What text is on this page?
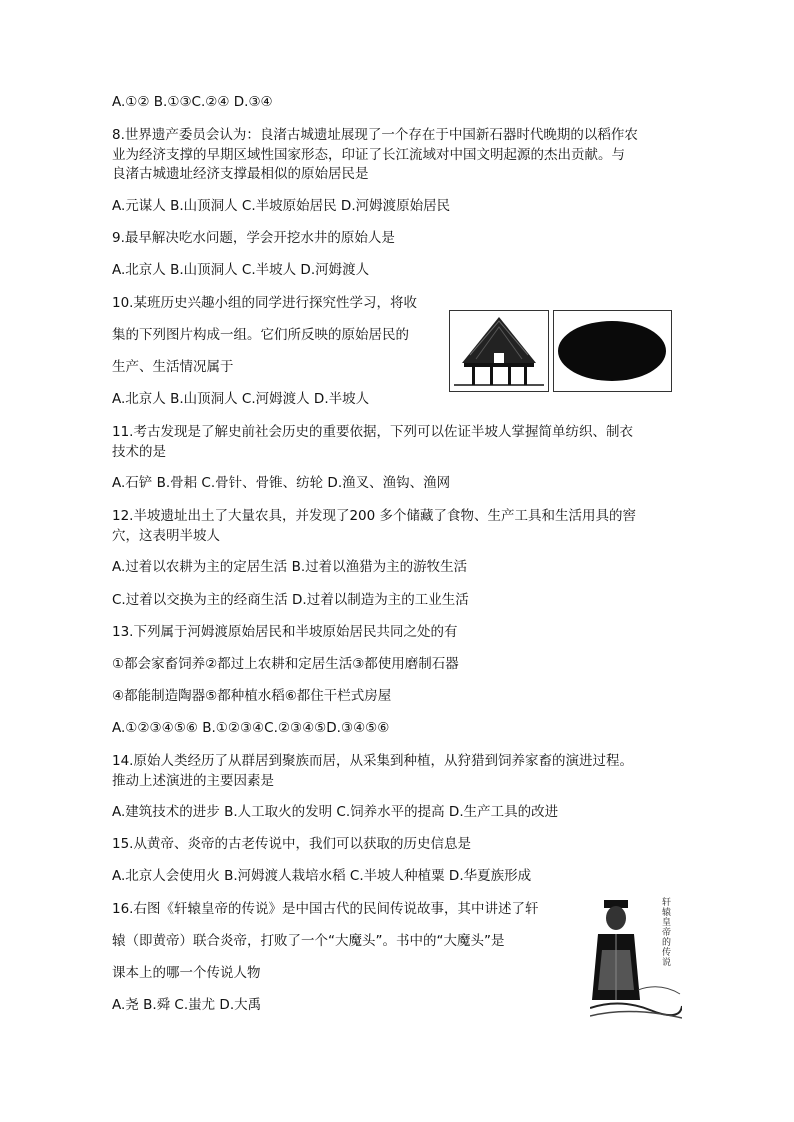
A.①② B.①③C.②④ D.③④
8.世界遗产委员会认为：良渚古城遗址展现了一个存在于中国新石器时代晚期的以稻作农
业为经济支撑的早期区域性国家形态，印证了长江流域对中国文明起源的杰出贡献。与
良渚古城遗址经济支撑最相似的原始居民是
A.元谋人 B.山顶洞人 C.半坡原始居民 D.河姆渡原始居民
9.最早解决吃水问题，学会开挖水井的原始人是
A.北京人 B.山顶洞人 C.半坡人 D.河姆渡人
10.某班历史兴趣小组的同学进行探究性学习，将收
集的下列图片构成一组。它们所反映的原始居民的
生产、生活情况属于
A.北京人 B.山顶洞人 C.河姆渡人 D.半坡人
11.考古发现是了解史前社会历史的重要依据，下列可以佐证半坡人掌握简单纺织、制衣
技术的是
A.石铲 B.骨耜 C.骨针、骨锥、纺轮 D.渔叉、渔钩、渔网
12.半坡遗址出土了大量农具，并发现了200 多个储藏了食物、生产工具和生活用具的窖
穴，这表明半坡人
A.过着以农耕为主的定居生活 B.过着以渔猎为主的游牧生活
C.过着以交换为主的经商生活 D.过着以制造为主的工业生活
13.下列属于河姆渡原始居民和半坡原始居民共同之处的有
①都会家畜饲养②都过上农耕和定居生活③都使用磨制石器
④都能制造陶器⑤都种植水稻⑥都住干栏式房屋
A.①②③④⑤⑥ B.①②③④C.②③④⑤D.③④⑤⑥
14.原始人类经历了从群居到聚族而居，从采集到种植，从狩猎到饲养家畜的演进过程。
推动上述演进的主要因素是
A.建筑技术的进步 B.人工取火的发明 C.饲养水平的提高 D.生产工具的改进
15.从黄帝、炎帝的古老传说中，我们可以获取的历史信息是
A.北京人会使用火 B.河姆渡人栽培水稻 C.半坡人种植粟 D.华夏族形成
16.右图《轩辕皇帝的传说》是中国古代的民间传说故事，其中讲述了轩
辕（即黄帝）联合炎帝，打败了一个“大魔头”。书中的“大魔头”是
课本上的哪一个传说人物
A.尧 B.舜 C.蚩尤 D.大禹
轩辕皇帝的传说
